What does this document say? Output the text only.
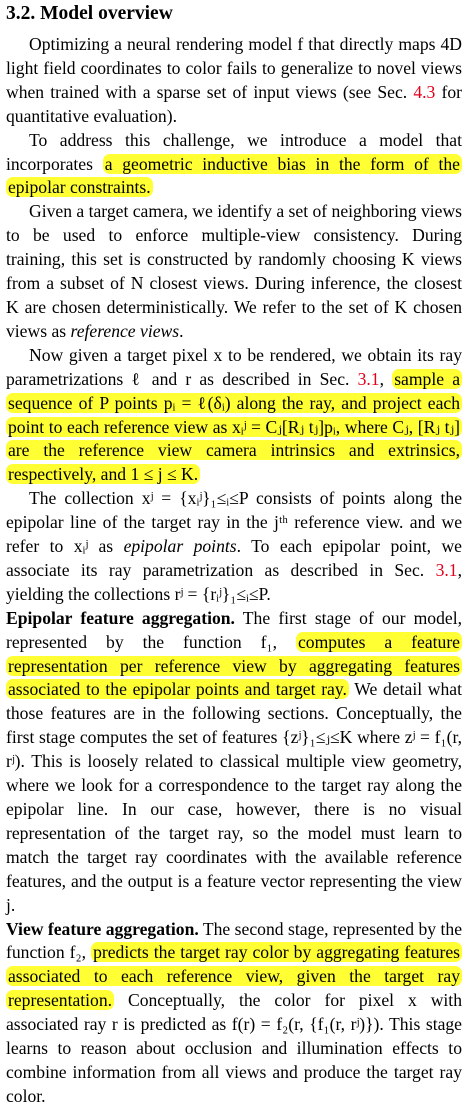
3.2. Model overview

Optimizing a neural rendering model f that directly maps 4D light field coordinates to color fails to generalize to novel views when trained with a sparse set of input views (see Sec. 4.3 for quantitative evaluation).

To address this challenge, we introduce a model that incorporates a geometric inductive bias in the form of the epipolar constraints.

Given a target camera, we identify a set of neighboring views to be used to enforce multiple-view consistency. During training, this set is constructed by randomly choosing K views from a subset of N closest views. During inference, the closest K are chosen deterministically. We refer to the set of K chosen views as reference views.

Now given a target pixel x to be rendered, we obtain its ray parametrizations ℓ and r as described in Sec. 3.1, sample a sequence of P points pᵢ = ℓ(δᵢ) along the ray, and project each point to each reference view as xᵢʲ = Cⱼ[Rⱼ tⱼ]pᵢ, where Cⱼ, [Rⱼ tⱼ] are the reference view camera intrinsics and extrinsics, respectively, and 1 ≤ j ≤ K.

The collection xʲ = {xᵢʲ}₁≤ᵢ≤P consists of points along the epipolar line of the target ray in the jᵗʰ reference view. and we refer to xᵢʲ as epipolar points. To each epipolar point, we associate its ray parametrization as described in Sec. 3.1, yielding the collections rʲ = {rᵢʲ}₁≤ᵢ≤P.

Epipolar feature aggregation. The first stage of our model, represented by the function f₁, computes a feature representation per reference view by aggregating features associated to the epipolar points and target ray. We detail what those features are in the following sections. Conceptually, the first stage computes the set of features {zʲ}₁≤ⱼ≤K where zʲ = f₁(r, rʲ). This is loosely related to classical multiple view geometry, where we look for a correspondence to the target ray along the epipolar line. In our case, however, there is no visual representation of the target ray, so the model must learn to match the target ray coordinates with the available reference features, and the output is a feature vector representing the view j.

View feature aggregation. The second stage, represented by the function f₂, predicts the target ray color by aggregating features associated to each reference view, given the target ray representation. Conceptually, the color for pixel x with associated ray r is predicted as f(r) = f₂(r, {f₁(r, rʲ)}). This stage learns to reason about occlusion and illumination effects to combine information from all views and produce the target ray color.
